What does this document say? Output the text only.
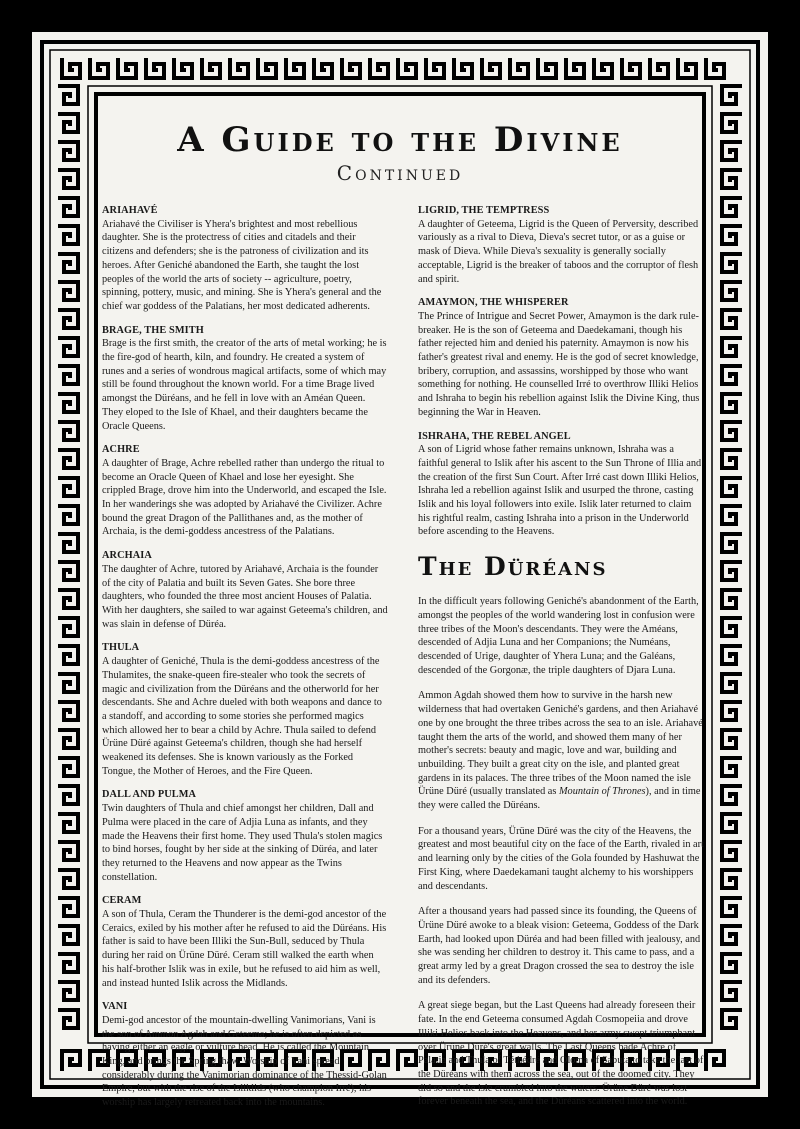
A Guide to the Divine
Continued
ARIAHAVÉ

Ariahavé the Civiliser is Yhera's brightest and most rebellious daughter. She is the protectress of cities and citadels and their citizens and defenders; she is the patroness of civilization and its heroes. After Geniché abandoned the Earth, she taught the lost peoples of the world the arts of society -- agriculture, poetry, spinning, pottery, music, and mining. She is Yhera's general and the chief war goddess of the Palatians, her most dedicated adherents.

BRAGE, THE SMITH

Brage is the first smith, the creator of the arts of metal working; he is the fire-god of hearth, kiln, and foundry. He created a system of runes and a series of wondrous magical artifacts, some of which may still be found throughout the known world. For a time Brage lived amongst the Düréans, and he fell in love with an Améan Queen. They eloped to the Isle of Khael, and their daughters became the Oracle Queens.

ACHRE

A daughter of Brage, Achre rebelled rather than undergo the ritual to become an Oracle Queen of Khael and lose her eyesight. She crippled Brage, drove him into the Underworld, and escaped the Isle. In her wanderings she was adopted by Ariahavé the Civilizer. Achre bound the great Dragon of the Pallithanes and, as the mother of Archaia, is the demi-goddess ancestress of the Palatians.

ARCHAIA

The daughter of Achre, tutored by Ariahavé, Archaia is the founder of the city of Palatia and built its Seven Gates. She bore three daughters, who founded the three most ancient Houses of Palatia. With her daughters, she sailed to war against Geteema's children, and was slain in defense of Düréa.

THULA

A daughter of Geniché, Thula is the demi-goddess ancestress of the Thulamites, the snake-queen fire-stealer who took the secrets of magic and civilization from the Düréans and the otherworld for her descendants. She and Achre dueled with both weapons and dance to a standoff, and according to some stories she performed magics which allowed her to bear a child by Achre. Thula sailed to defend Ürüne Düré against Geteema's children, though she had herself weakened its defenses. She is known variously as the Forked Tongue, the Mother of Heroes, and the Fire Queen.

DALL AND PULMA

Twin daughters of Thula and chief amongst her children, Dall and Pulma were placed in the care of Adjia Luna as infants, and they made the Heavens their first home. They used Thula's stolen magics to bind horses, fought by her side at the sinking of Düréa, and later they returned to the Heavens and now appear as the Twins constellation.

CERAM

A son of Thula, Ceram the Thunderer is the demi-god ancestor of the Ceraics, exiled by his mother after he refused to aid the Düréans. His father is said to have been Illiki the Sun-Bull, seduced by Thula during her raid on Ürüne Düré. Ceram still walked the earth when his half-brother Islik was in exile, but he refused to aid him as well, and instead hunted Islik across the Midlands.

VANI

Demi-god ancestor of the mountain-dwelling Vanimorians, Vani is the son of Ammon Agdah and Geteema; he is often depicted as having either an eagle or vulture head. He is called the Mountain King, and brings the Spring thaw. Worship of Vani spread considerably during the Vanimorian dominance of the Thessid-Golan Empire, but with the rise of the Isliklids (who champion Irré), his worship has largely retreated back into the mountains.

LIGRID, THE TEMPTRESS

A daughter of Geteema, Ligrid is the Queen of Perversity, described variously as a rival to Dieva, Dieva's secret tutor, or as a guise or mask of Dieva. While Dieva's sexuality is generally socially acceptable, Ligrid is the breaker of taboos and the corruptor of flesh and spirit.

AMAYMON, THE WHISPERER

The Prince of Intrigue and Secret Power, Amaymon is the dark rule-breaker. He is the son of Geteema and Daedekamani, though his father rejected him and denied his paternity. Amaymon is now his father's greatest rival and enemy. He is the god of secret knowledge, bribery, corruption, and assassins, worshipped by those who want something for nothing. He counselled Irré to overthrow Illiki Helios and Ishraha to begin his rebellion against Islik the Divine King, thus beginning the War in Heaven.

ISHRAHA, THE REBEL ANGEL

A son of Ligrid whose father remains unknown, Ishraha was a faithful general to Islik after his ascent to the Sun Throne of Illia and the creation of the first Sun Court. After Irré cast down Illiki Helios, Ishraha led a rebellion against Islik and usurped the throne, casting Islik and his loyal followers into exile. Islik later returned to claim his rightful realm, casting Ishraha into a prison in the Underworld before ascending to the Heavens.

The Düréans

In the difficult years following Geniché's abandonment of the Earth, amongst the peoples of the world wandering lost in confusion were three tribes of the Moon's descendants. They were the Améans, descended of Adjia Luna and her Companions; the Numéans, descended of Urige, daughter of Yhera Luna; and the Galéans, descended of the Gorgonæ, the triple daughters of Djara Luna.

Ammon Agdah showed them how to survive in the harsh new wilderness that had overtaken Geniché's gardens, and then Ariahavé one by one brought the three tribes across the sea to an isle. Ariahavé taught them the arts of the world, and showed them many of her mother's secrets: beauty and magic, love and war, building and unbuilding. They built a great city on the isle, and planted great gardens in its palaces. The three tribes of the Moon named the isle Ürüne Düré (usually translated as Mountain of Thrones), and in time they were called the Düréans.

For a thousand years, Ürüne Düré was the city of the Heavens, the greatest and most beautiful city on the face of the Earth, rivaled in art and learning only by the cities of the Gola founded by Hashuwat the First King, where Daedekamani taught alchemy to his worshippers and descendants.

After a thousand years had passed since its founding, the Queens of Ürüne Düré awoke to a bleak vision: Geteema, Goddess of the Dark Earth, had looked upon Düréa and had been filled with jealousy, and she was sending her children to destroy it. This came to pass, and a great army led by a great Dragon crossed the sea to destroy the isle and its defenders.

A great siege began, but the Last Queens had already foreseen their fate. In the end Geteema consumed Agdah Cosmopeiia and drove Illiki Helios back into the Heavens, and her army swept triumphant over Ürüne Düré's great walls. The Last Queens bade Achre of Palatia and Thula of Téthédré and Oloma of Sabuta to take the last of the Düréans with them across the sea, out of the doomed city. They did so and the isle crumbled into the waters. Ürüne Düré was lost forever beneath the sea, and the Düréans scattered into the world.
